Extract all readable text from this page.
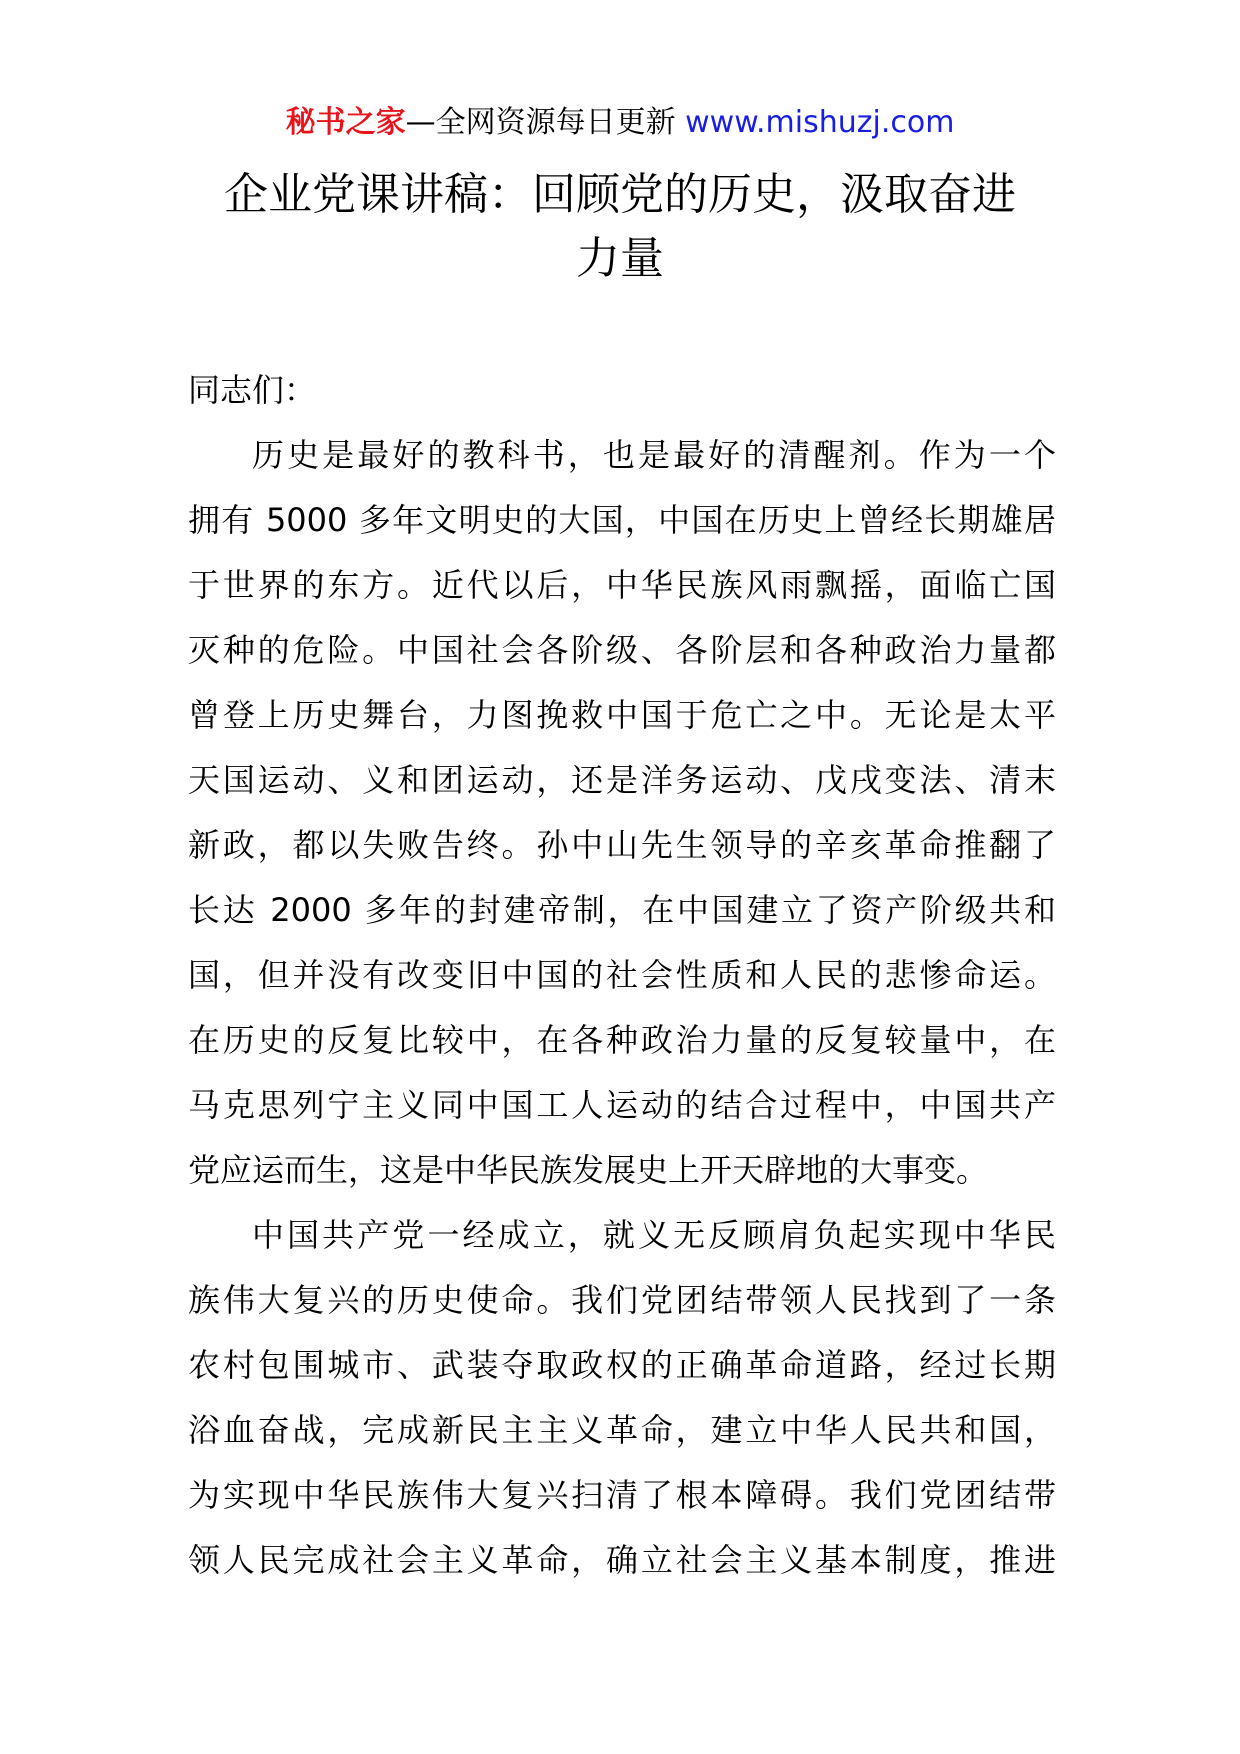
秘书之家—全网资源每日更新 www.mishuzj.com
企业党课讲稿：回顾党的历史，汲取奋进
力量

同志们：

历史是最好的教科书，也是最好的清醒剂。作为一个
拥有 5000 多年文明史的大国，中国在历史上曾经长期雄居
于世界的东方。近代以后，中华民族风雨飘摇，面临亡国
灭种的危险。中国社会各阶级、各阶层和各种政治力量都
曾登上历史舞台，力图挽救中国于危亡之中。无论是太平
天国运动、义和团运动，还是洋务运动、戊戌变法、清末
新政，都以失败告终。孙中山先生领导的辛亥革命推翻了
长达 2000 多年的封建帝制，在中国建立了资产阶级共和
国，但并没有改变旧中国的社会性质和人民的悲惨命运。
在历史的反复比较中，在各种政治力量的反复较量中，在
马克思列宁主义同中国工人运动的结合过程中，中国共产
党应运而生，这是中华民族发展史上开天辟地的大事变。

中国共产党一经成立，就义无反顾肩负起实现中华民
族伟大复兴的历史使命。我们党团结带领人民找到了一条
农村包围城市、武装夺取政权的正确革命道路，经过长期
浴血奋战，完成新民主主义革命，建立中华人民共和国，
为实现中华民族伟大复兴扫清了根本障碍。我们党团结带
领人民完成社会主义革命，确立社会主义基本制度，推进
